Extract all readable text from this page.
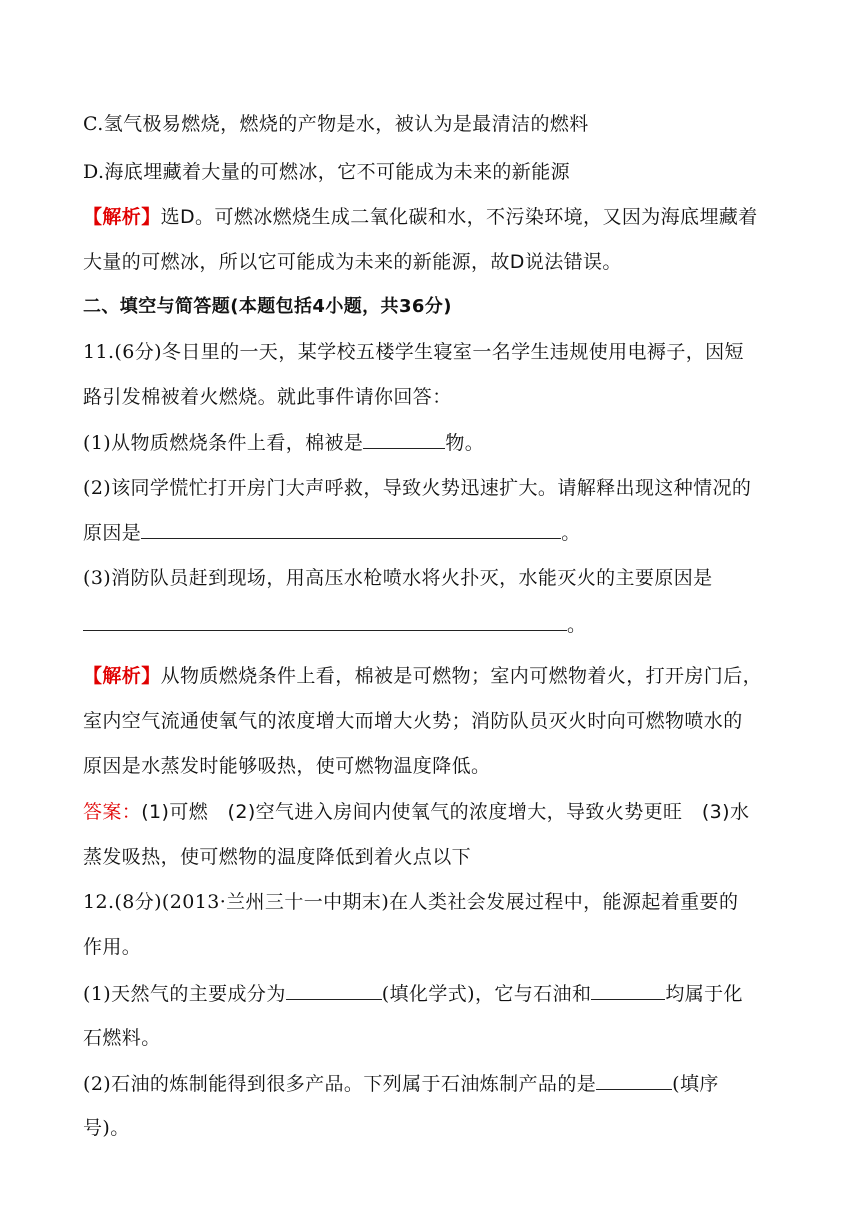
C.氢气极易燃烧，燃烧的产物是水，被认为是最清洁的燃料
D.海底埋藏着大量的可燃冰，它不可能成为未来的新能源
【解析】选D。可燃冰燃烧生成二氧化碳和水，不污染环境，又因为海底埋藏着
大量的可燃冰，所以它可能成为未来的新能源，故D说法错误。
二、填空与简答题(本题包括4小题，共36分)
11.(6分)冬日里的一天，某学校五楼学生寝室一名学生违规使用电褥子，因短
路引发棉被着火燃烧。就此事件请你回答：
(1)从物质燃烧条件上看，棉被是	物。
(2)该同学慌忙打开房门大声呼救，导致火势迅速扩大。请解释出现这种情况的
原因是	。
(3)消防队员赶到现场，用高压水枪喷水将火扑灭，水能灭火的主要原因是
。
【解析】从物质燃烧条件上看，棉被是可燃物；室内可燃物着火，打开房门后，
室内空气流通使氧气的浓度增大而增大火势；消防队员灭火时向可燃物喷水的
原因是水蒸发时能够吸热，使可燃物温度降低。
答案：(1)可燃　(2)空气进入房间内使氧气的浓度增大，导致火势更旺　(3)水
蒸发吸热，使可燃物的温度降低到着火点以下
12.(8分)(2013·兰州三十一中期末)在人类社会发展过程中，能源起着重要的
作用。
(1)天然气的主要成分为	(填化学式)，它与石油和	均属于化
石燃料。
(2)石油的炼制能得到很多产品。下列属于石油炼制产品的是	(填序
号)。
